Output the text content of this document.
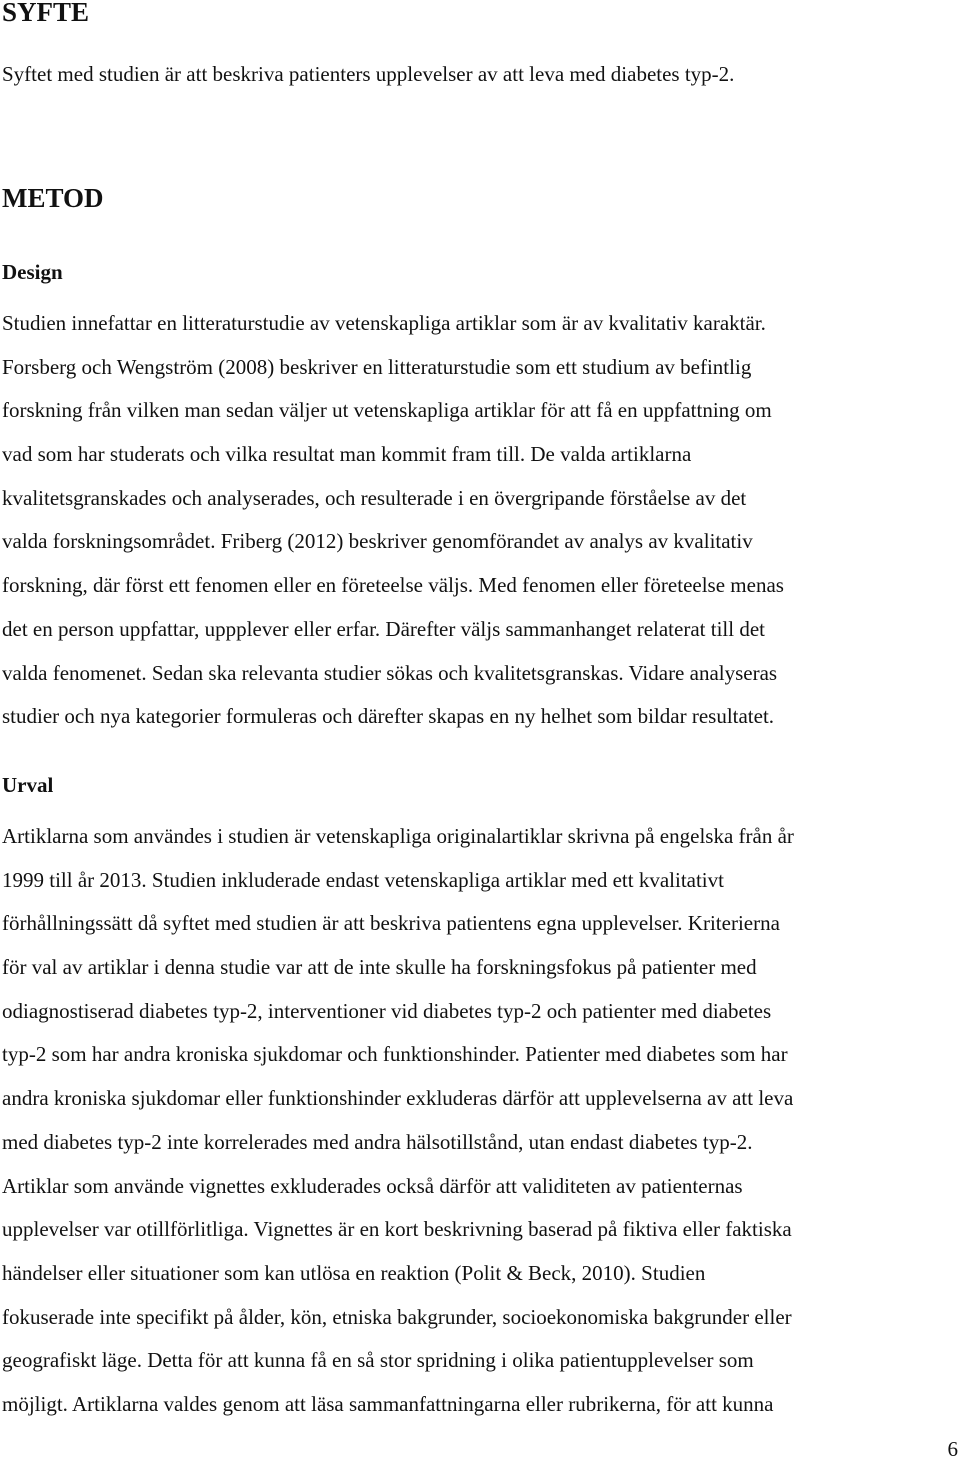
SYFTE

Syftet med studien är att beskriva patienters upplevelser av att leva med diabetes typ-2.

METOD
Design

Studien innefattar en litteraturstudie av vetenskapliga artiklar som är av kvalitativ karaktär.

Forsberg och Wengström (2008) beskriver en litteraturstudie som ett studium av befintlig

forskning från vilken man sedan väljer ut vetenskapliga artiklar för att få en uppfattning om

vad som har studerats och vilka resultat man kommit fram till. De valda artiklarna

kvalitetsgranskades och analyserades, och resulterade i en övergripande förståelse av det

valda forskningsområdet. Friberg (2012) beskriver genomförandet av analys av kvalitativ

forskning, där först ett fenomen eller en företeelse väljs. Med fenomen eller företeelse menas

det en person uppfattar, uppplever eller erfar. Därefter väljs sammanhanget relaterat till det

valda fenomenet. Sedan ska relevanta studier sökas och kvalitetsgranskas. Vidare analyseras

studier och nya kategorier formuleras och därefter skapas en ny helhet som bildar resultatet.

Urval

Artiklarna som användes i studien är vetenskapliga originalartiklar skrivna på engelska från år

1999 till år 2013. Studien inkluderade endast vetenskapliga artiklar med ett kvalitativt

förhållningssätt då syftet med studien är att beskriva patientens egna upplevelser. Kriterierna

för val av artiklar i denna studie var att de inte skulle ha forskningsfokus på patienter med

odiagnostiserad diabetes typ-2, interventioner vid diabetes typ-2 och patienter med diabetes

typ-2 som har andra kroniska sjukdomar och funktionshinder. Patienter med diabetes som har

andra kroniska sjukdomar eller funktionshinder exkluderas därför att upplevelserna av att leva

med diabetes typ-2 inte korrelerades med andra hälsotillstånd, utan endast diabetes typ-2.

Artiklar som använde vignettes exkluderades också därför att validiteten av patienternas

upplevelser var otillförlitliga. Vignettes är en kort beskrivning baserad på fiktiva eller faktiska

händelser eller situationer som kan utlösa en reaktion (Polit & Beck, 2010). Studien

fokuserade inte specifikt på ålder, kön, etniska bakgrunder, socioekonomiska bakgrunder eller

geografiskt läge. Detta för att kunna få en så stor spridning i olika patientupplevelser som

möjligt. Artiklarna valdes genom att läsa sammanfattningarna eller rubrikerna, för att kunna

6
